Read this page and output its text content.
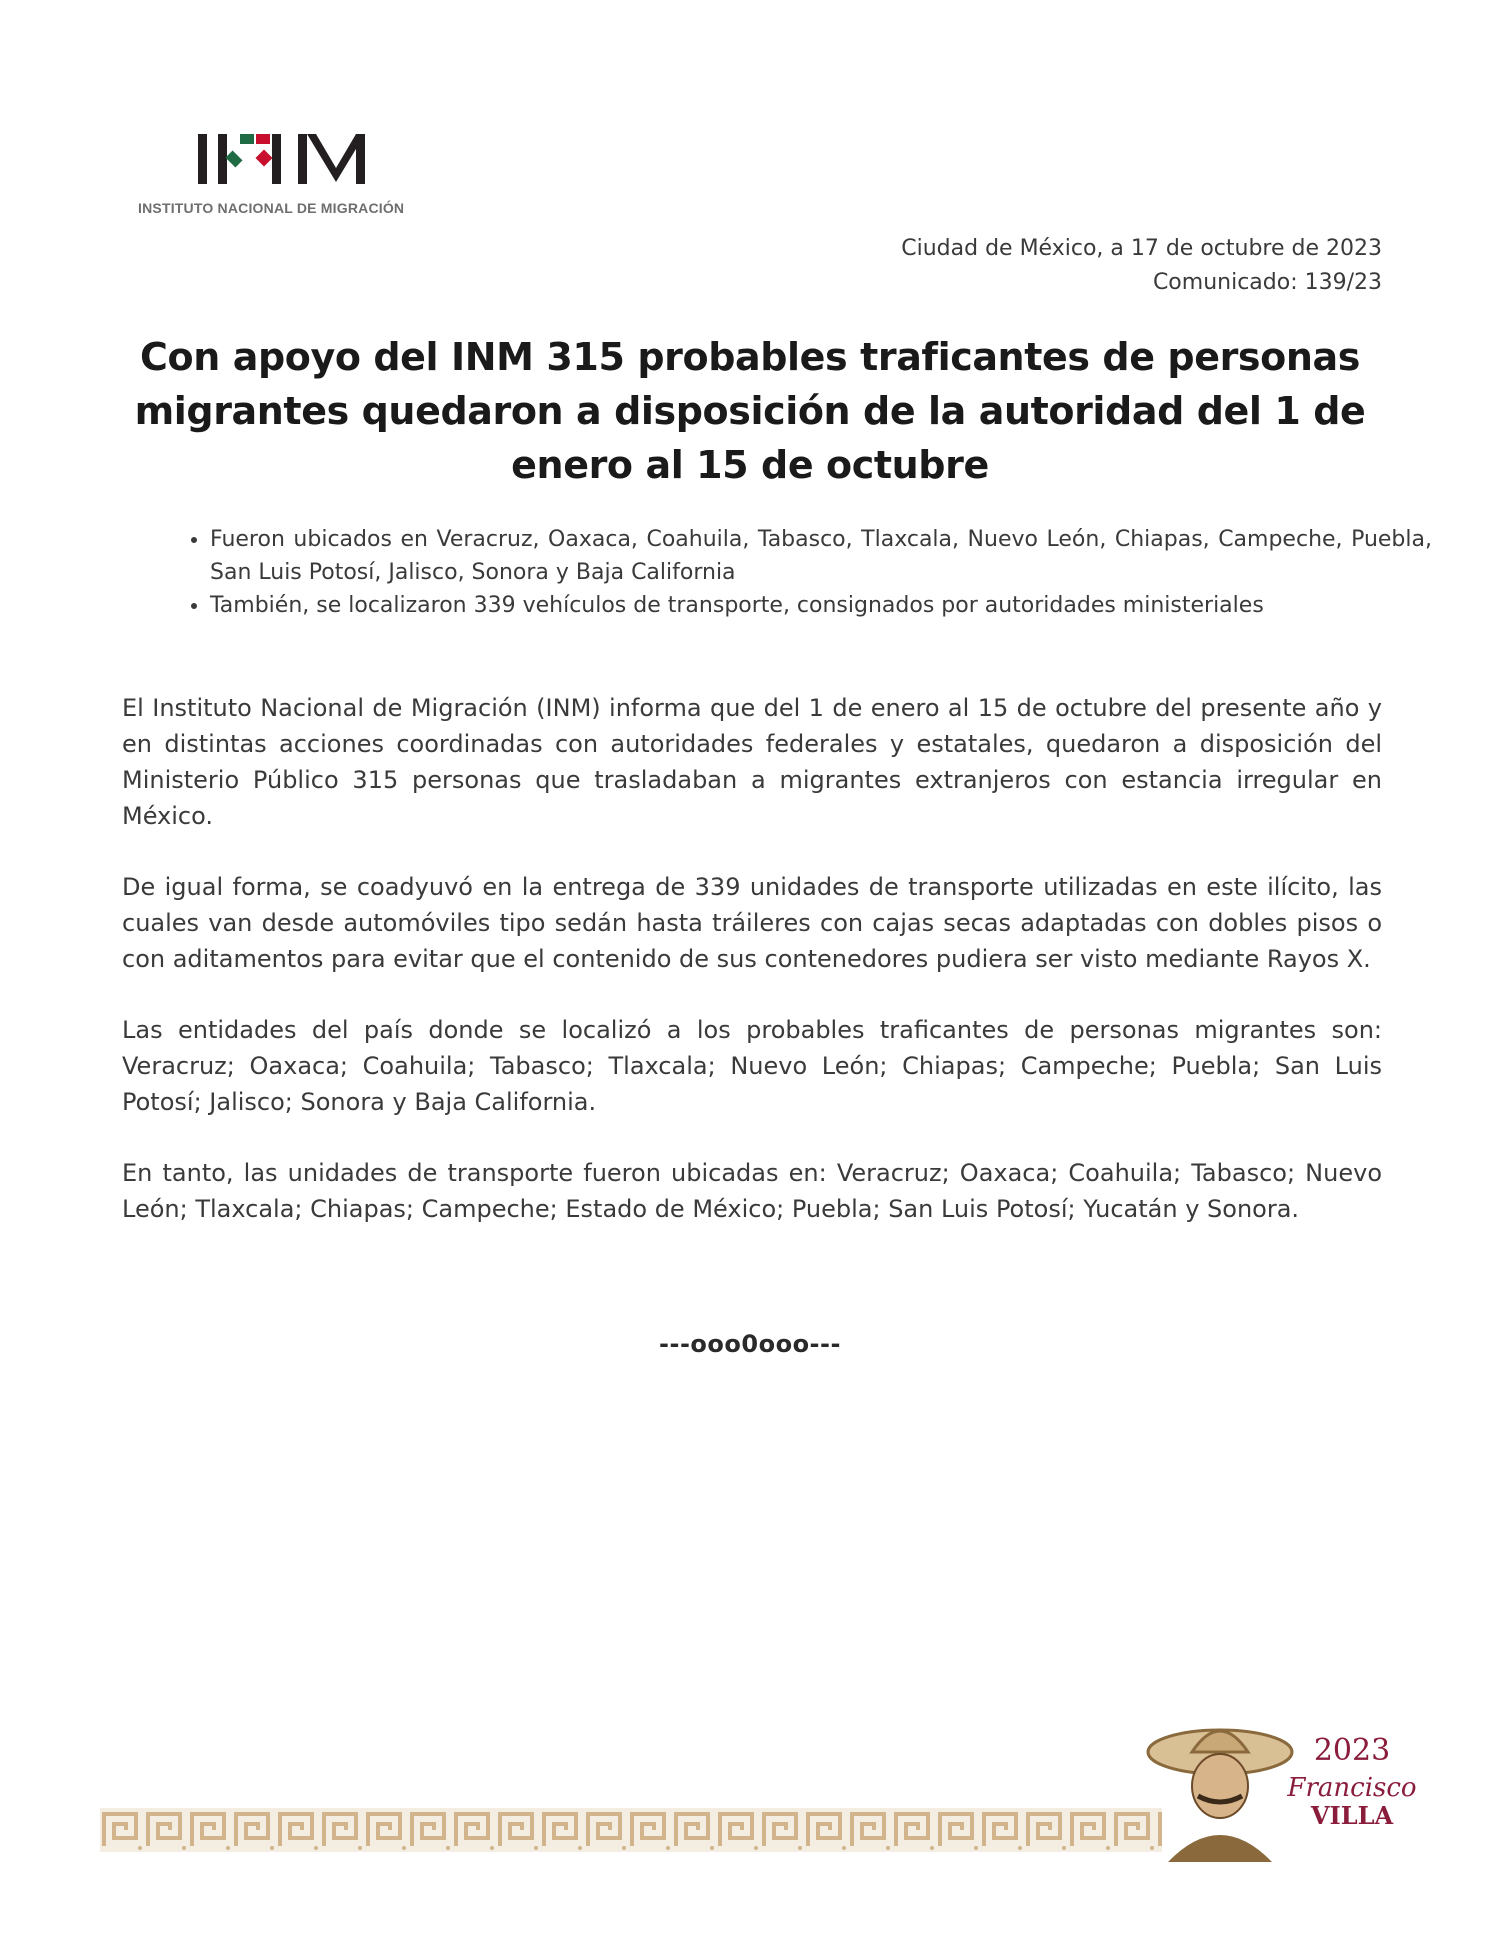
INSTITUTO NACIONAL DE MIGRACIÓN
Ciudad de México, a 17 de octubre de 2023
Comunicado: 139/23
Con apoyo del INM 315 probables traficantes de personas migrantes quedaron a disposición de la autoridad del 1 de enero al 15 de octubre
• Fueron ubicados en Veracruz, Oaxaca, Coahuila, Tabasco, Tlaxcala, Nuevo León, Chiapas, Campeche, Puebla, San Luis Potosí, Jalisco, Sonora y Baja California
• También, se localizaron 339 vehículos de transporte, consignados por autoridades ministeriales

El Instituto Nacional de Migración (INM) informa que del 1 de enero al 15 de octubre del presente año y en distintas acciones coordinadas con autoridades federales y estatales, quedaron a disposición del Ministerio Público 315 personas que trasladaban a migrantes extranjeros con estancia irregular en México.

De igual forma, se coadyuvó en la entrega de 339 unidades de transporte utilizadas en este ilícito, las cuales van desde automóviles tipo sedán hasta tráileres con cajas secas adaptadas con dobles pisos o con aditamentos para evitar que el contenido de sus contenedores pudiera ser visto mediante Rayos X.

Las entidades del país donde se localizó a los probables traficantes de personas migrantes son: Veracruz; Oaxaca; Coahuila; Tabasco; Tlaxcala; Nuevo León; Chiapas; Campeche; Puebla; San Luis Potosí; Jalisco; Sonora y Baja California.

En tanto, las unidades de transporte fueron ubicadas en: Veracruz; Oaxaca; Coahuila; Tabasco; Nuevo León; Tlaxcala; Chiapas; Campeche; Estado de México; Puebla; San Luis Potosí; Yucatán y Sonora.

---ooo0ooo---
2023
Francisco
VILLA
